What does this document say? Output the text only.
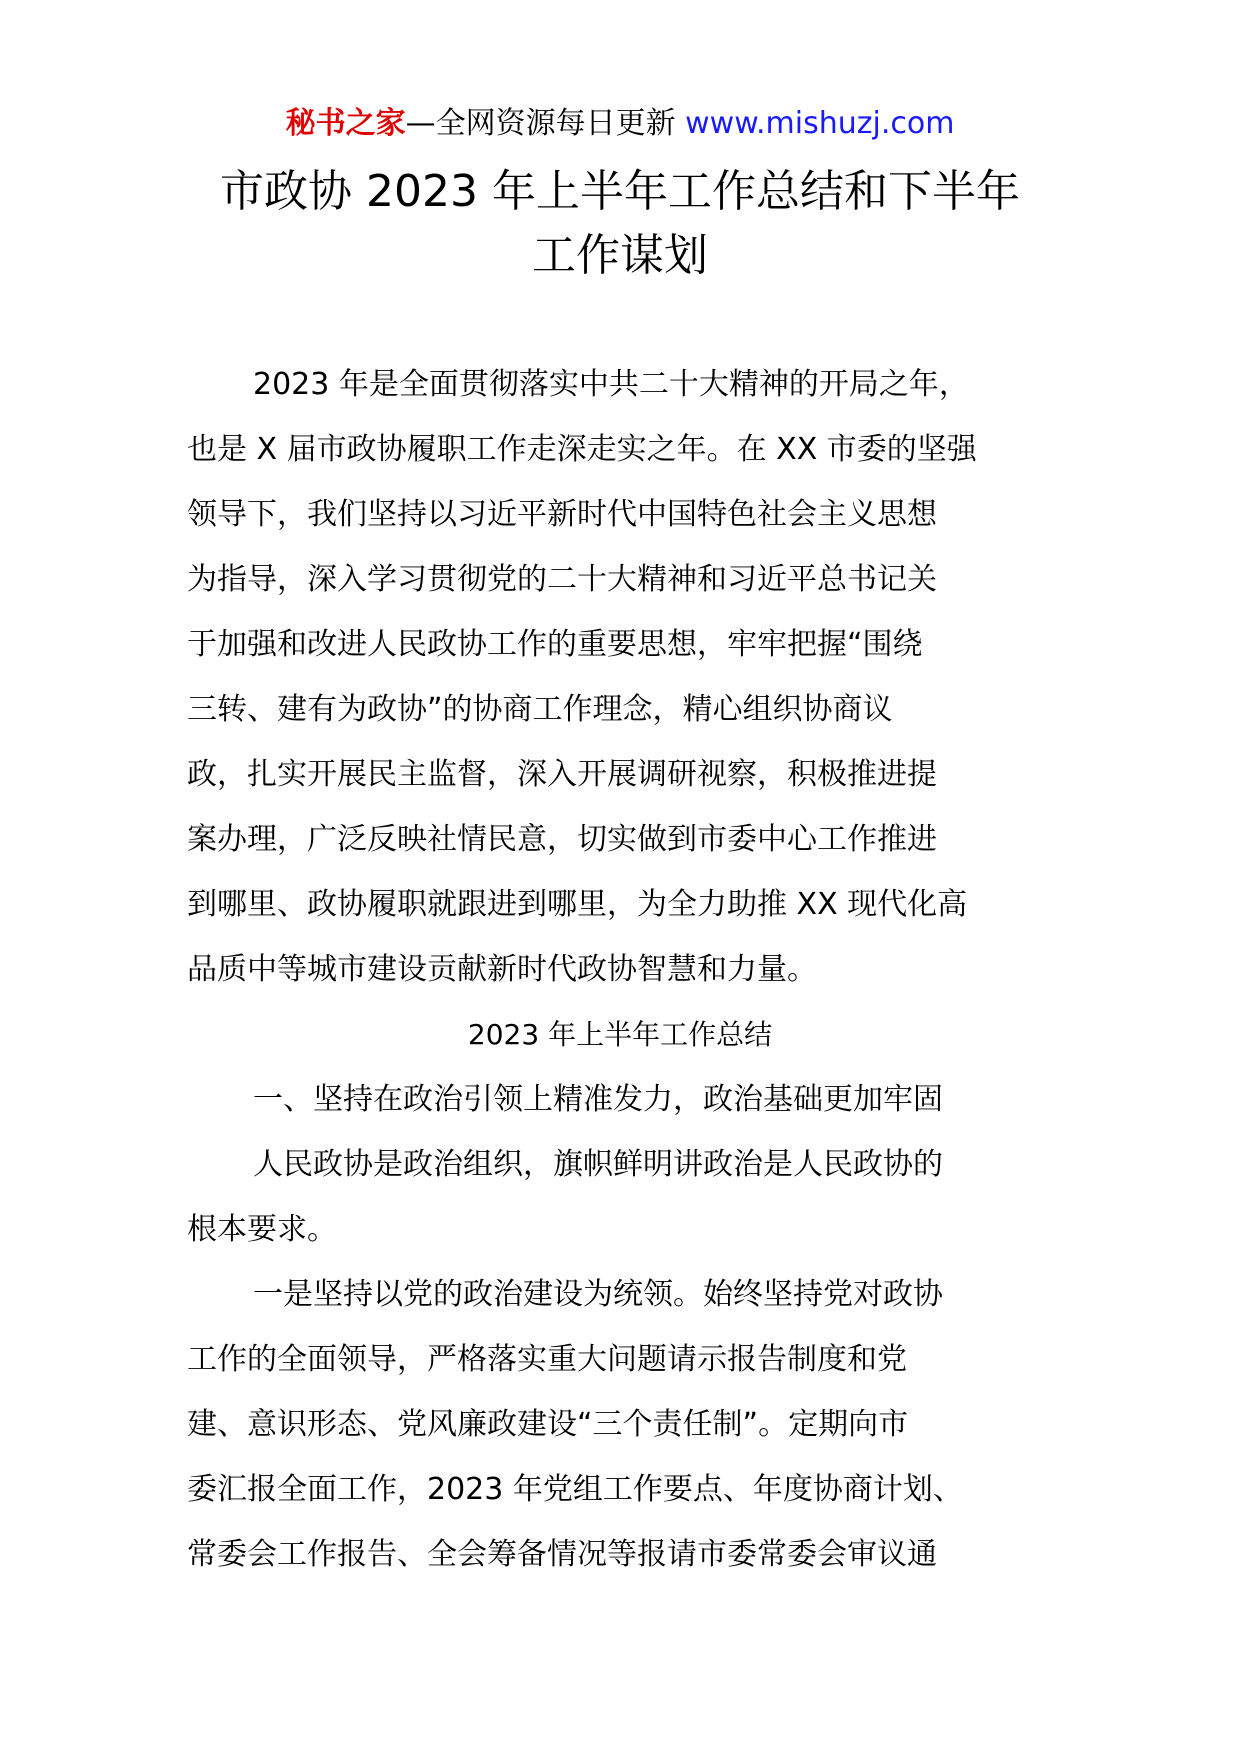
秘书之家—全网资源每日更新 www.mishuzj.com
市政协 2023 年上半年工作总结和下半年
工作谋划
2023 年是全面贯彻落实中共二十大精神的开局之年，
也是 X 届市政协履职工作走深走实之年。在 XX 市委的坚强
领导下，我们坚持以习近平新时代中国特色社会主义思想
为指导，深入学习贯彻党的二十大精神和习近平总书记关
于加强和改进人民政协工作的重要思想，牢牢把握“围绕
三转、建有为政协”的协商工作理念，精心组织协商议
政，扎实开展民主监督，深入开展调研视察，积极推进提
案办理，广泛反映社情民意，切实做到市委中心工作推进
到哪里、政协履职就跟进到哪里，为全力助推 XX 现代化高
品质中等城市建设贡献新时代政协智慧和力量。
2023 年上半年工作总结
一、坚持在政治引领上精准发力，政治基础更加牢固
人民政协是政治组织，旗帜鲜明讲政治是人民政协的
根本要求。
一是坚持以党的政治建设为统领。始终坚持党对政协
工作的全面领导，严格落实重大问题请示报告制度和党
建、意识形态、党风廉政建设“三个责任制”。定期向市
委汇报全面工作，2023 年党组工作要点、年度协商计划、
常委会工作报告、全会筹备情况等报请市委常委会审议通
